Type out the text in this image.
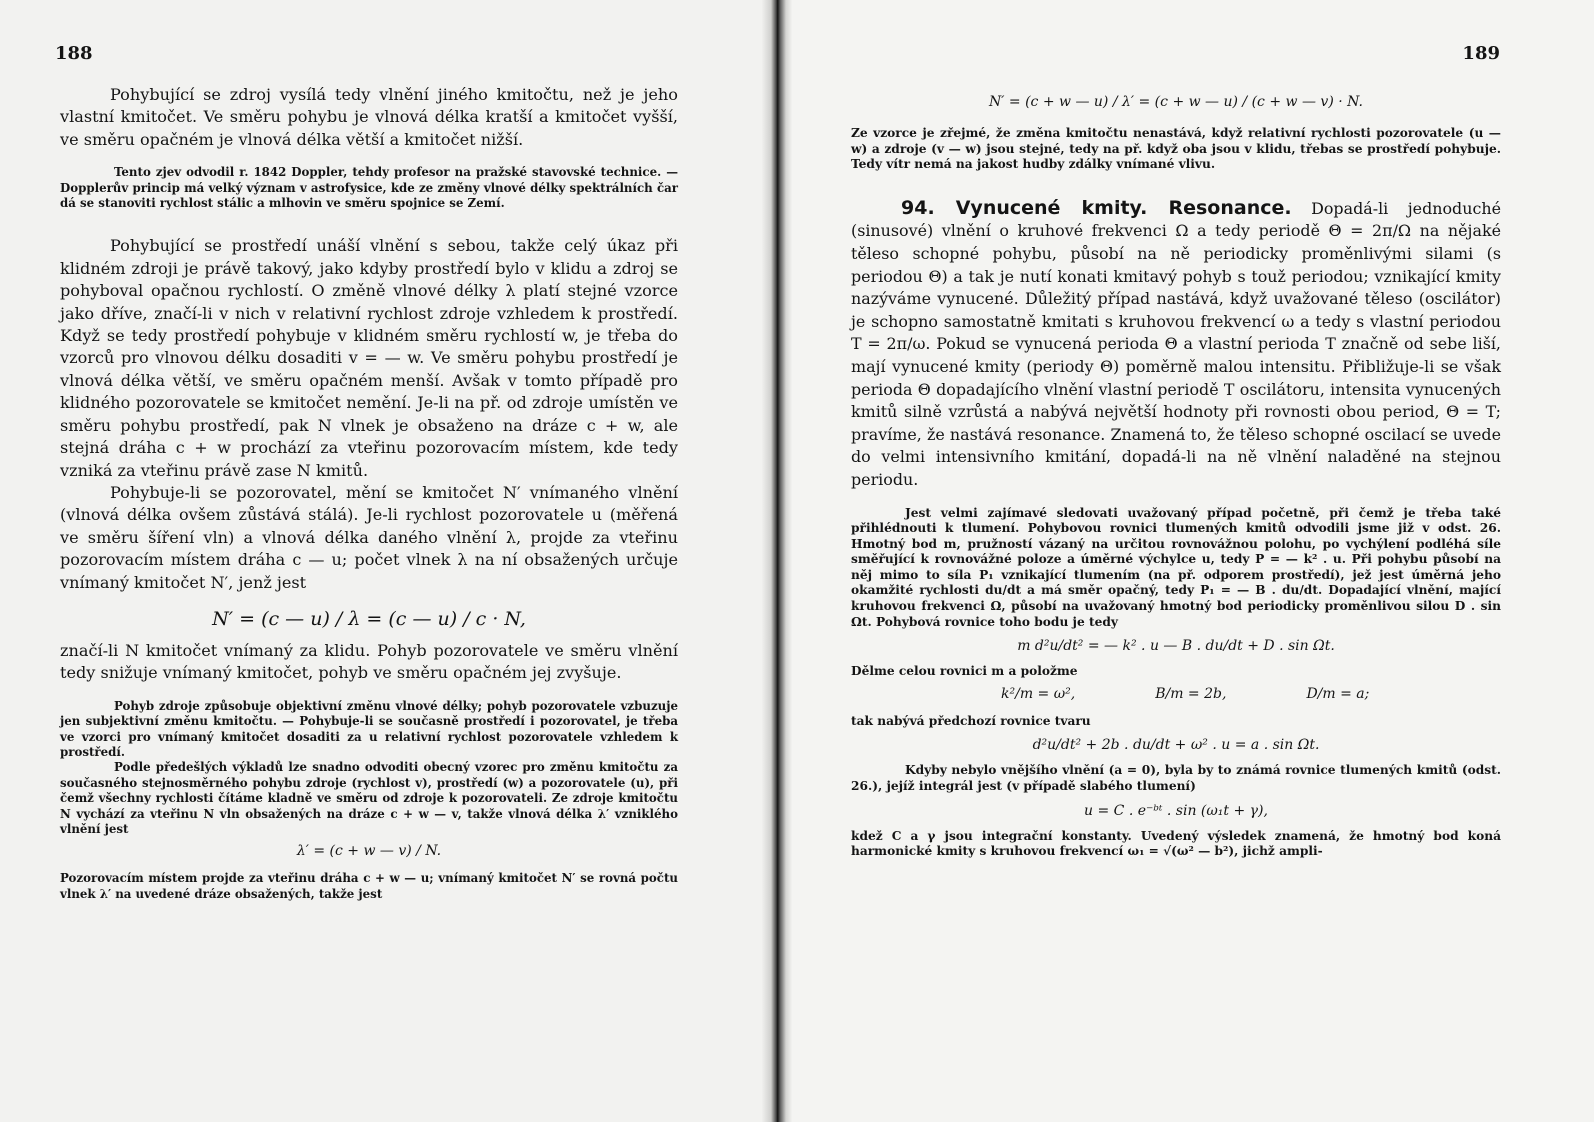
188

Pohybující se zdroj vysílá tedy vlnění jiného kmitočtu, než je jeho vlastní kmitočet. Ve směru pohybu je vlnová délka kratší a kmitočet vyšší, ve směru opačném je vlnová délka větší a kmitočet nižší.

Tento zjev odvodil r. 1842 Doppler, tehdy profesor na pražské stavovské technice. — Dopplerův princip má velký význam v astrofysice, kde ze změny vlnové délky spektrálních čar dá se stanoviti rychlost stálic a mlhovin ve směru spojnice se Zemí.

Pohybující se prostředí unáší vlnění s sebou, takže celý úkaz při klidném zdroji je právě takový, jako kdyby prostředí bylo v klidu a zdroj se pohyboval opačnou rychlostí. O změně vlnové délky λ platí stejné vzorce jako dříve, značí-li v nich v relativní rychlost zdroje vzhledem k prostředí. Když se tedy prostředí pohybuje v klidném směru rychlostí w, je třeba do vzorců pro vlnovou délku dosaditi v = — w. Ve směru pohybu prostředí je vlnová délka větší, ve směru opačném menší. Avšak v tomto případě pro klidného pozorovatele se kmitočet nemění. Je-li na př. od zdroje umístěn ve směru pohybu prostředí, pak N vlnek je obsaženo na dráze c + w, ale stejná dráha c + w prochází za vteřinu pozorovacím místem, kde tedy vzniká za vteřinu právě zase N kmitů.

Pohybuje-li se pozorovatel, mění se kmitočet N′ vnímaného vlnění (vlnová délka ovšem zůstává stálá). Je-li rychlost pozorovatele u (měřená ve směru šíření vln) a vlnová délka daného vlnění λ, projde za vteřinu pozorovacím místem dráha c — u; počet vlnek λ na ní obsažených určuje vnímaný kmitočet N′, jenž jest

N′ = (c — u) / λ = (c — u) / c · N,

značí-li N kmitočet vnímaný za klidu. Pohyb pozorovatele ve směru vlnění tedy snižuje vnímaný kmitočet, pohyb ve směru opačném jej zvyšuje.

Pohyb zdroje způsobuje objektivní změnu vlnové délky; pohyb pozorovatele vzbuzuje jen subjektivní změnu kmitočtu. — Pohybuje-li se současně prostředí i pozorovatel, je třeba ve vzorci pro vnímaný kmitočet dosaditi za u relativní rychlost pozorovatele vzhledem k prostředí.

Podle předešlých výkladů lze snadno odvoditi obecný vzorec pro změnu kmitočtu za současného stejnosměrného pohybu zdroje (rychlost v), prostředí (w) a pozorovatele (u), při čemž všechny rychlosti čítáme kladně ve směru od zdroje k pozorovateli. Ze zdroje kmitočtu N vychází za vteřinu N vln obsažených na dráze c + w — v, takže vlnová délka λ′ vzniklého vlnění jest

λ′ = (c + w — v) / N.

Pozorovacím místem projde za vteřinu dráha c + w — u; vnímaný kmitočet N′ se rovná počtu vlnek λ′ na uvedené dráze obsažených, takže jest

189
N′ = (c + w — u) / λ′ = (c + w — u) / (c + w — v) · N.

Ze vzorce je zřejmé, že změna kmitočtu nenastává, když relativní rychlosti pozorovatele (u — w) a zdroje (v — w) jsou stejné, tedy na př. když oba jsou v klidu, třebas se prostředí pohybuje. Tedy vítr nemá na jakost hudby zdálky vnímané vlivu.

94. Vynucené kmity. Resonance. Dopadá-li jednoduché (sinusové) vlnění o kruhové frekvenci Ω a tedy periodě Θ = 2π/Ω na nějaké těleso schopné pohybu, působí na ně periodicky proměnlivými silami (s periodou Θ) a tak je nutí konati kmitavý pohyb s touž periodou; vznikající kmity nazýváme vynucené. Důležitý případ nastává, když uvažované těleso (oscilátor) je schopno samostatně kmitati s kruhovou frekvencí ω a tedy s vlastní periodou T = 2π/ω. Pokud se vynucená perioda Θ a vlastní perioda T značně od sebe liší, mají vynucené kmity (periody Θ) poměrně malou intensitu. Přibližuje-li se však perioda Θ dopadajícího vlnění vlastní periodě T oscilátoru, intensita vynucených kmitů silně vzrůstá a nabývá největší hodnoty při rovnosti obou period, Θ = T; pravíme, že nastává resonance. Znamená to, že těleso schopné oscilací se uvede do velmi intensivního kmitání, dopadá-li na ně vlnění naladěné na stejnou periodu.

Jest velmi zajímavé sledovati uvažovaný případ početně, při čemž je třeba také přihlédnouti k tlumení. Pohybovou rovnici tlumených kmitů odvodili jsme již v odst. 26. Hmotný bod m, pružností vázaný na určitou rovnovážnou polohu, po vychýlení podléhá síle směřující k rovnovážné poloze a úměrné výchylce u, tedy P = — k² . u. Při pohybu působí na něj mimo to síla P₁ vznikající tlumením (na př. odporem prostředí), jež jest úměrná jeho okamžité rychlosti du/dt a má směr opačný, tedy P₁ = — B . du/dt. Dopadající vlnění, mající kruhovou frekvenci Ω, působí na uvažovaný hmotný bod periodicky proměnlivou silou D . sin Ωt. Pohybová rovnice toho bodu je tedy

m d²u/dt² = — k² . u — B . du/dt + D . sin Ωt.

Dělme celou rovnici m a položme

k²/m = ω²,	B/m = 2b,	D/m = a;

tak nabývá předchozí rovnice tvaru

d²u/dt² + 2b . du/dt + ω² . u = a . sin Ωt.

Kdyby nebylo vnějšího vlnění (a = 0), byla by to známá rovnice tlumených kmitů (odst. 26.), jejíž integrál jest (v případě slabého tlumení)

u = C . e⁻ᵇᵗ . sin (ω₁t + γ),

kdež C a γ jsou integrační konstanty. Uvedený výsledek znamená, že hmotný bod koná harmonické kmity s kruhovou frekvencí ω₁ = √(ω² — b²), jichž ampli-
